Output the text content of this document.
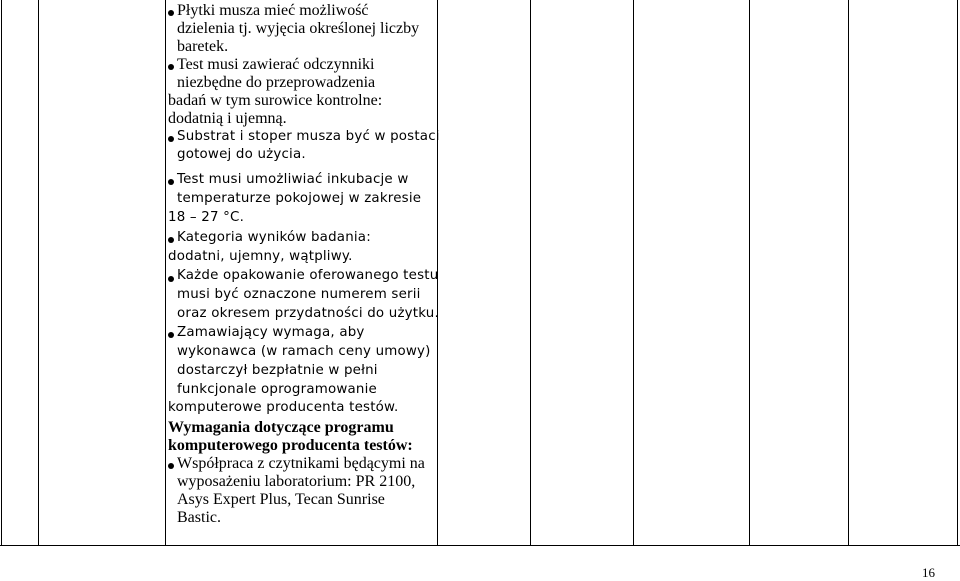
Płytki musza mieć możliwość
dzielenia tj. wyjęcia określonej liczby
baretek.
Test musi zawierać odczynniki
niezbędne do przeprowadzenia
badań w tym surowice kontrolne:
dodatnią i ujemną.
Substrat i stoper musza być w postaci
gotowej do użycia.
Test musi umożliwiać inkubacje w
temperaturze pokojowej w zakresie
18 – 27 °C.
Kategoria wyników badania:
dodatni, ujemny, wątpliwy.
Każde opakowanie oferowanego testu
musi być oznaczone numerem serii
oraz okresem przydatności do użytku.
Zamawiający wymaga, aby
wykonawca (w ramach ceny umowy)
dostarczył bezpłatnie w pełni
funkcjonale oprogramowanie
komputerowe producenta testów.
Wymagania dotyczące programu
komputerowego producenta testów:
Współpraca z czytnikami będącymi na
wyposażeniu laboratorium: PR 2100,
Asys Expert Plus, Tecan Sunrise
Bastic.
16
